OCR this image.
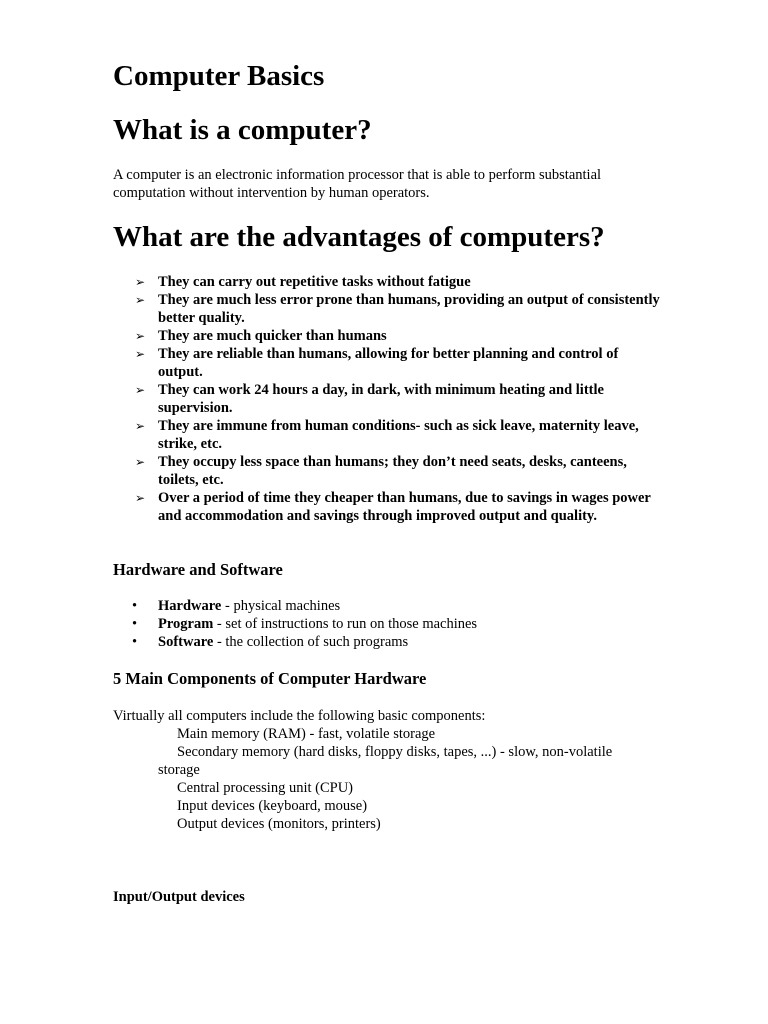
Computer Basics
What is a computer?

A computer is an electronic information processor that is able to perform substantial computation without intervention by human operators.

What are the advantages of computers?
➢ They can carry out repetitive tasks without fatigue
➢ They are much less error prone than humans, providing an output of consistently better quality.
➢ They are much quicker than humans
➢ They are reliable than humans, allowing for better planning and control of output.
➢ They can work 24 hours a day, in dark, with minimum heating and little supervision.
➢ They are immune from human conditions- such as sick leave, maternity leave, strike, etc.
➢ They occupy less space than humans; they don’t need seats, desks, canteens, toilets, etc.
➢ Over a period of time they cheaper than humans, due to savings in wages power and accommodation and savings through improved output and quality.
Hardware and Software
• Hardware - physical machines
• Program - set of instructions to run on those machines
• Software - the collection of such programs
5 Main Components of Computer Hardware
Virtually all computers include the following basic components:
Main memory (RAM) - fast, volatile storage
Secondary memory (hard disks, floppy disks, tapes, ...) - slow, non-volatile storage
Central processing unit (CPU)
Input devices (keyboard, mouse)
Output devices (monitors, printers)

Input/Output devices
